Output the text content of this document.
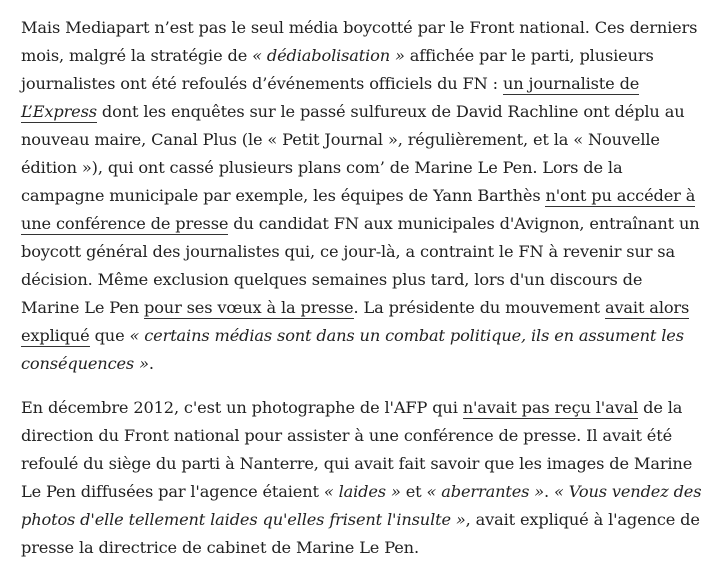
Mais Mediapart n’est pas le seul média boycotté par le Front national. Ces derniers mois, malgré la stratégie de « dédiabolisation » affichée par le parti, plusieurs journalistes ont été refoulés d’événements officiels du FN : un journaliste de L’Express dont les enquêtes sur le passé sulfureux de David Rachline ont déplu au nouveau maire, Canal Plus (le « Petit Journal », régulièrement, et la « Nouvelle édition »), qui ont cassé plusieurs plans com’ de Marine Le Pen. Lors de la campagne municipale par exemple, les équipes de Yann Barthès n'ont pu accéder à une conférence de presse du candidat FN aux municipales d'Avignon, entraînant un boycott général des journalistes qui, ce jour-là, a contraint le FN à revenir sur sa décision. Même exclusion quelques semaines plus tard, lors d'un discours de Marine Le Pen pour ses vœux à la presse. La présidente du mouvement avait alors expliqué que « certains médias sont dans un combat politique, ils en assument les conséquences ».

En décembre 2012, c'est un photographe de l'AFP qui n'avait pas reçu l'aval de la direction du Front national pour assister à une conférence de presse. Il avait été refoulé du siège du parti à Nanterre, qui avait fait savoir que les images de Marine Le Pen diffusées par l'agence étaient « laides » et « aberrantes ». « Vous vendez des photos d'elle tellement laides qu'elles frisent l'insulte », avait expliqué à l'agence de presse la directrice de cabinet de Marine Le Pen.
